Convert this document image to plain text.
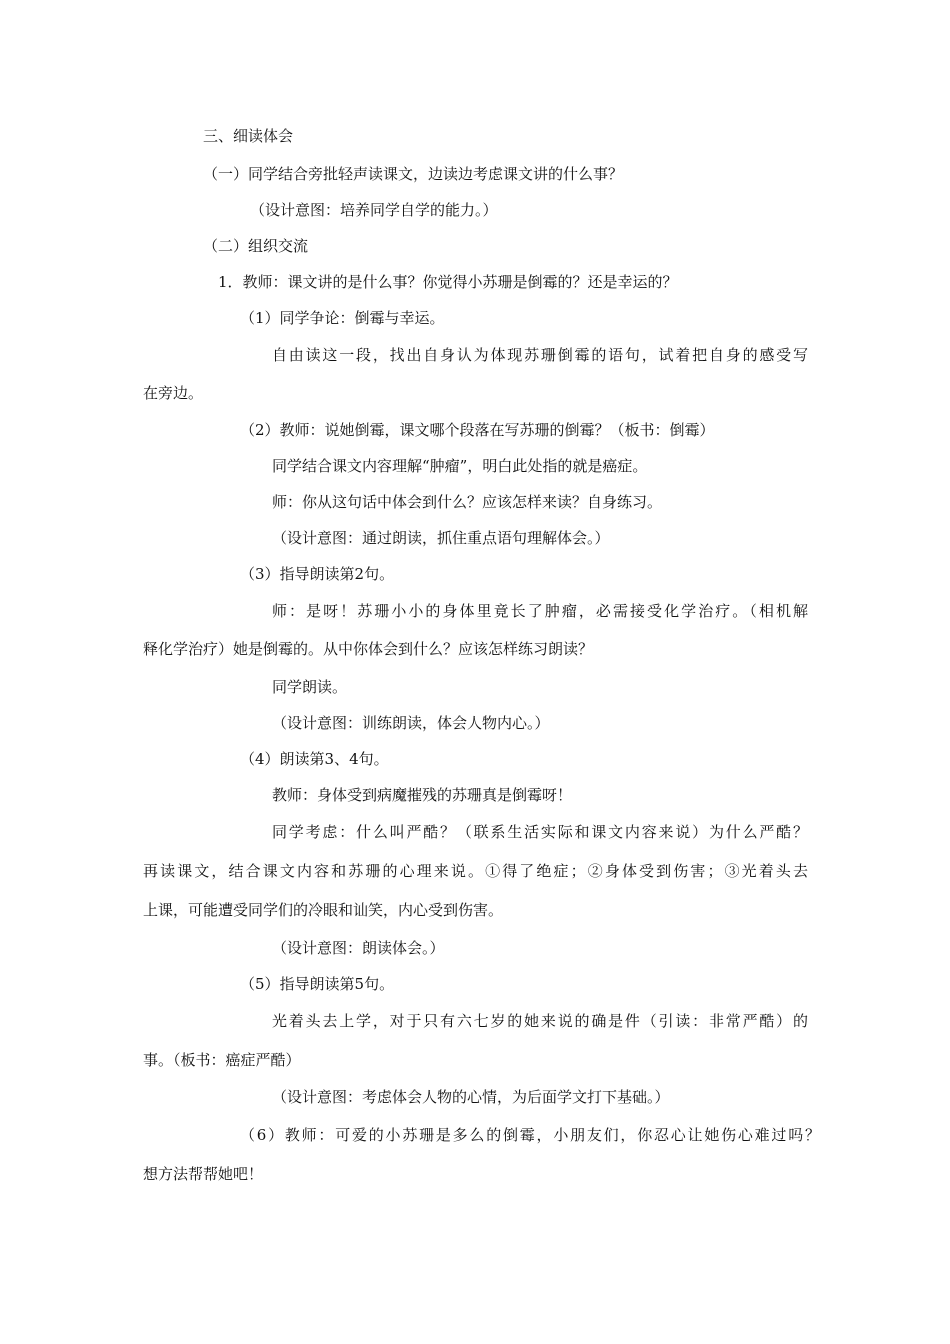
三、细读体会
（一）同学结合旁批轻声读课文，边读边考虑课文讲的什么事？
（设计意图：培养同学自学的能力。）
（二）组织交流
1．教师：课文讲的是什么事？你觉得小苏珊是倒霉的？还是幸运的？
（1）同学争论：倒霉与幸运。
自由读这一段，找出自身认为体现苏珊倒霉的语句，试着把自身的感受写
在旁边。
（2）教师：说她倒霉，课文哪个段落在写苏珊的倒霉？（板书：倒霉）
同学结合课文内容理解“肿瘤”，明白此处指的就是癌症。
师：你从这句话中体会到什么？应该怎样来读？自身练习。
（设计意图：通过朗读，抓住重点语句理解体会。）
（3）指导朗读第2句。
师：是呀！苏珊小小的身体里竟长了肿瘤，必需接受化学治疗。（相机解
释化学治疗）她是倒霉的。从中你体会到什么？应该怎样练习朗读？
同学朗读。
（设计意图：训练朗读，体会人物内心。）
（4）朗读第3、4句。
教师：身体受到病魔摧残的苏珊真是倒霉呀！
同学考虑：什么叫严酷？（联系生活实际和课文内容来说）为什么严酷？
再读课文，结合课文内容和苏珊的心理来说。①得了绝症；②身体受到伤害；③光着头去
上课，可能遭受同学们的冷眼和讪笑，内心受到伤害。
（设计意图：朗读体会。）
（5）指导朗读第5句。
光着头去上学，对于只有六七岁的她来说的确是件（引读：非常严酷）的
事。（板书：癌症严酷）
（设计意图：考虑体会人物的心情，为后面学文打下基础。）
（6）教师：可爱的小苏珊是多么的倒霉，小朋友们，你忍心让她伤心难过吗？
想方法帮帮她吧！
